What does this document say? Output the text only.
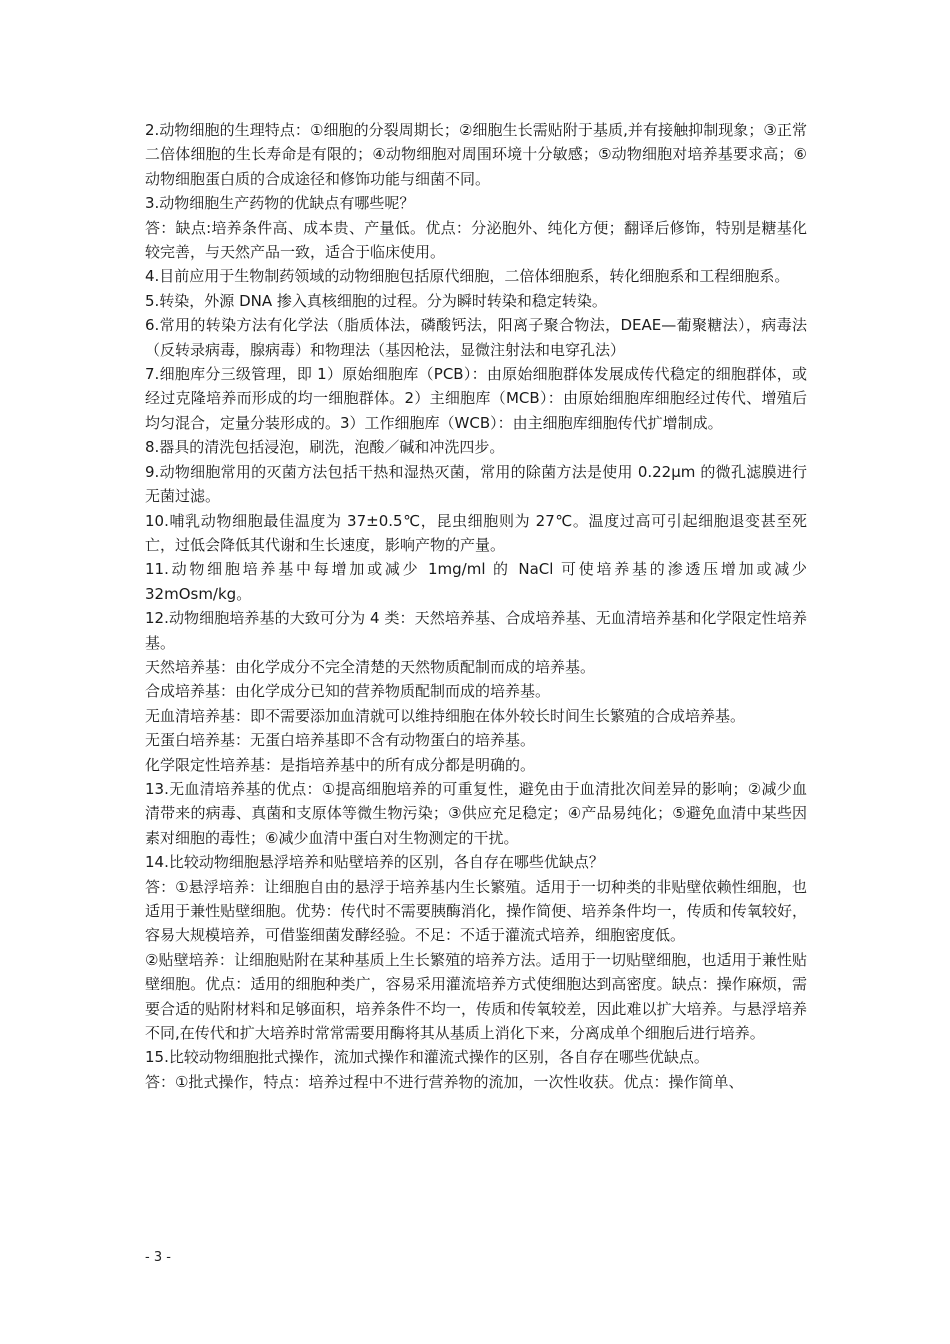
2.动物细胞的生理特点：①细胞的分裂周期长；②细胞生长需贴附于基质,并有接触抑制现象；③正常二倍体细胞的生长寿命是有限的；④动物细胞对周围环境十分敏感；⑤动物细胞对培养基要求高；⑥动物细胞蛋白质的合成途径和修饰功能与细菌不同。

3.动物细胞生产药物的优缺点有哪些呢？

答：缺点:培养条件高、成本贵、产量低。优点：分泌胞外、纯化方便；翻译后修饰，特别是糖基化较完善，与天然产品一致，适合于临床使用。

4.目前应用于生物制药领域的动物细胞包括原代细胞，二倍体细胞系，转化细胞系和工程细胞系。

5.转染，外源 DNA 掺入真核细胞的过程。分为瞬时转染和稳定转染。

6.常用的转染方法有化学法（脂质体法，磷酸钙法，阳离子聚合物法，DEAE—葡聚糖法），病毒法（反转录病毒，腺病毒）和物理法（基因枪法，显微注射法和电穿孔法）

7.细胞库分三级管理，即 1）原始细胞库（PCB）：由原始细胞群体发展成传代稳定的细胞群体，或经过克隆培养而形成的均一细胞群体。2）主细胞库（MCB）：由原始细胞库细胞经过传代、增殖后均匀混合，定量分装形成的。3）工作细胞库（WCB）：由主细胞库细胞传代扩增制成。

8.器具的清洗包括浸泡，刷洗，泡酸／碱和冲洗四步。

9.动物细胞常用的灭菌方法包括干热和湿热灭菌，常用的除菌方法是使用 0.22μm 的微孔滤膜进行无菌过滤。

10.哺乳动物细胞最佳温度为 37±0.5℃，昆虫细胞则为 27℃。温度过高可引起细胞退变甚至死亡，过低会降低其代谢和生长速度，影响产物的产量。

11.动物细胞培养基中每增加或减少 1mg/ml 的 NaCl 可使培养基的渗透压增加或减少 32mOsm/kg。

12.动物细胞培养基的大致可分为 4 类：天然培养基、合成培养基、无血清培养基和化学限定性培养基。

天然培养基：由化学成分不完全清楚的天然物质配制而成的培养基。

合成培养基：由化学成分已知的营养物质配制而成的培养基。

无血清培养基：即不需要添加血清就可以维持细胞在体外较长时间生长繁殖的合成培养基。

无蛋白培养基：无蛋白培养基即不含有动物蛋白的培养基。

化学限定性培养基：是指培养基中的所有成分都是明确的。

13.无血清培养基的优点：①提高细胞培养的可重复性，避免由于血清批次间差异的影响；②减少血清带来的病毒、真菌和支原体等微生物污染；③供应充足稳定；④产品易纯化；⑤避免血清中某些因素对细胞的毒性；⑥减少血清中蛋白对生物测定的干扰。

14.比较动物细胞悬浮培养和贴壁培养的区别，各自存在哪些优缺点？

答：①悬浮培养：让细胞自由的悬浮于培养基内生长繁殖。适用于一切种类的非贴壁依赖性细胞，也适用于兼性贴壁细胞。优势：传代时不需要胰酶消化，操作简便、培养条件均一，传质和传氧较好，容易大规模培养，可借鉴细菌发酵经验。不足：不适于灌流式培养，细胞密度低。

②贴壁培养：让细胞贴附在某种基质上生长繁殖的培养方法。适用于一切贴壁细胞，也适用于兼性贴壁细胞。优点：适用的细胞种类广，容易采用灌流培养方式使细胞达到高密度。缺点：操作麻烦，需要合适的贴附材料和足够面积，培养条件不均一，传质和传氧较差，因此难以扩大培养。与悬浮培养不同,在传代和扩大培养时常常需要用酶将其从基质上消化下来，分离成单个细胞后进行培养。

15.比较动物细胞批式操作，流加式操作和灌流式操作的区别，各自存在哪些优缺点。

答：①批式操作，特点：培养过程中不进行营养物的流加，一次性收获。优点：操作简单、

- 3 -
